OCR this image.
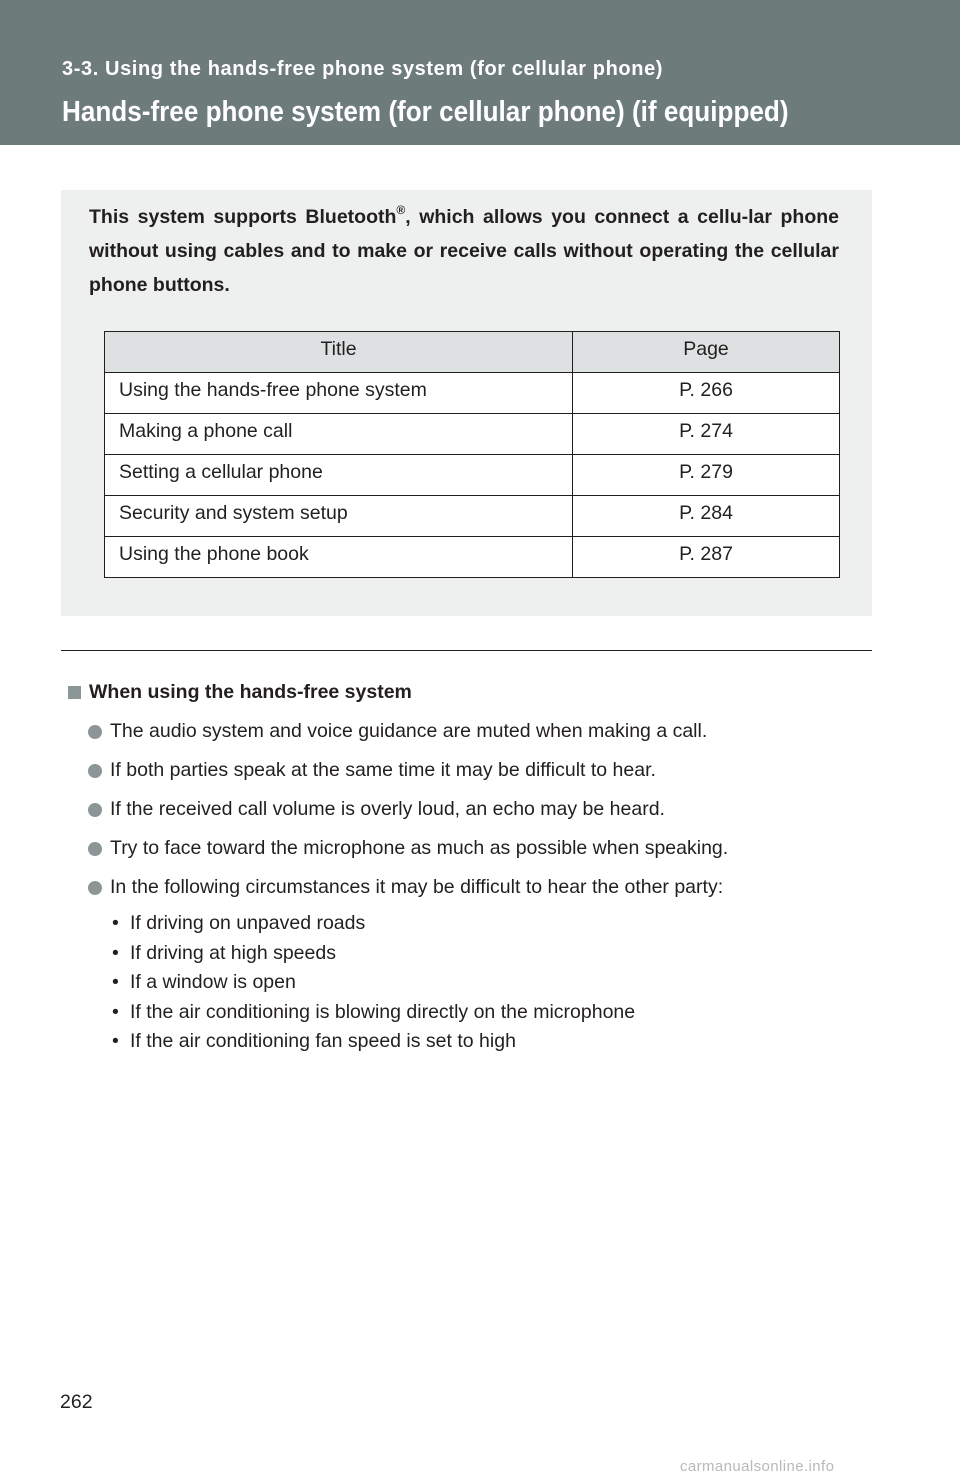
3-3. Using the hands-free phone system (for cellular phone)
Hands-free phone system (for cellular phone) (if equipped)
This system supports Bluetooth®, which allows you connect a cellu-lar phone without using cables and to make or receive calls without operating the cellular phone buttons.
Title	Page
Using the hands-free phone system	P. 266
Making a phone call	P. 274
Setting a cellular phone	P. 279
Security and system setup	P. 284
Using the phone book	P. 287
When using the hands-free system
The audio system and voice guidance are muted when making a call.
If both parties speak at the same time it may be difficult to hear.
If the received call volume is overly loud, an echo may be heard.
Try to face toward the microphone as much as possible when speaking.
In the following circumstances it may be difficult to hear the other party:
• If driving on unpaved roads
• If driving at high speeds
• If a window is open
• If the air conditioning is blowing directly on the microphone
• If the air conditioning fan speed is set to high
262
carmanualsonline.info
